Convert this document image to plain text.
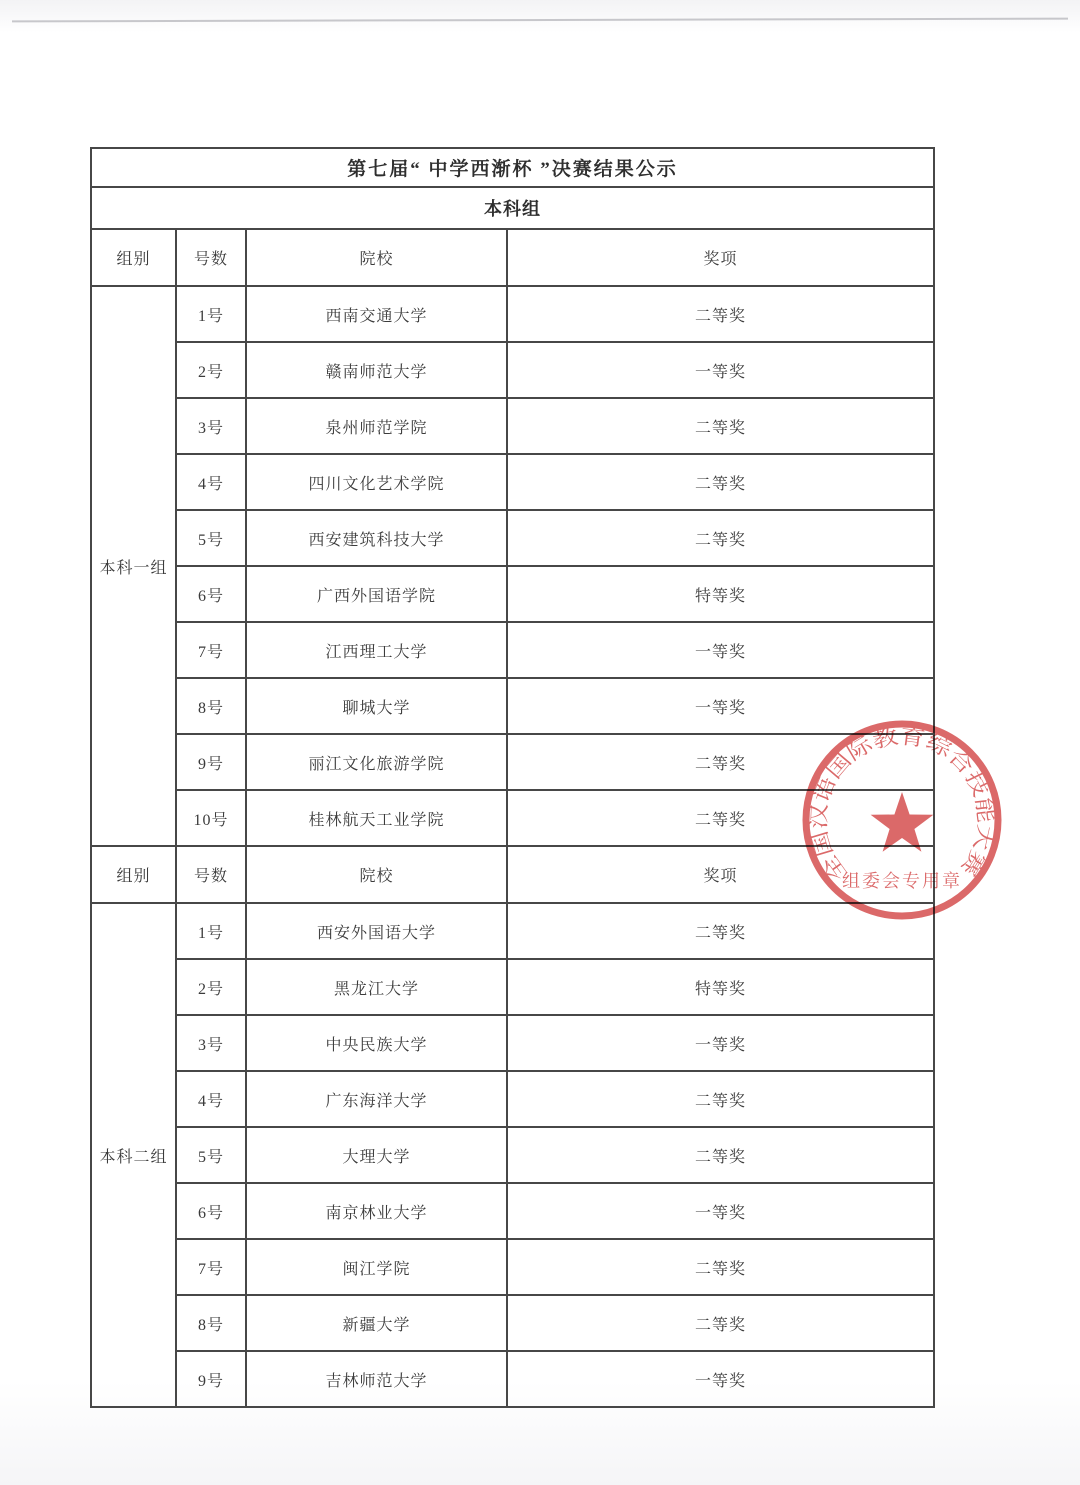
第七届“ 中学西渐杯 ”决赛结果公示			
本科组			
组别	号数	院校	奖项
本科一组	1号	西南交通大学	二等奖
	2号	赣南师范大学	一等奖
	3号	泉州师范学院	二等奖
	4号	四川文化艺术学院	二等奖
	5号	西安建筑科技大学	二等奖
	6号	广西外国语学院	特等奖
	7号	江西理工大学	一等奖
	8号	聊城大学	一等奖
	9号	丽江文化旅游学院	二等奖
	10号	桂林航天工业学院	二等奖
组别	号数	院校	奖项
本科二组	1号	西安外国语大学	二等奖
	2号	黑龙江大学	特等奖
	3号	中央民族大学	一等奖
	4号	广东海洋大学	二等奖
	5号	大理大学	二等奖
	6号	南京林业大学	一等奖
	7号	闽江学院	二等奖
	8号	新疆大学	二等奖
	9号	吉林师范大学	一等奖
全国汉语国际教育综合技能大赛
组委会专用章
